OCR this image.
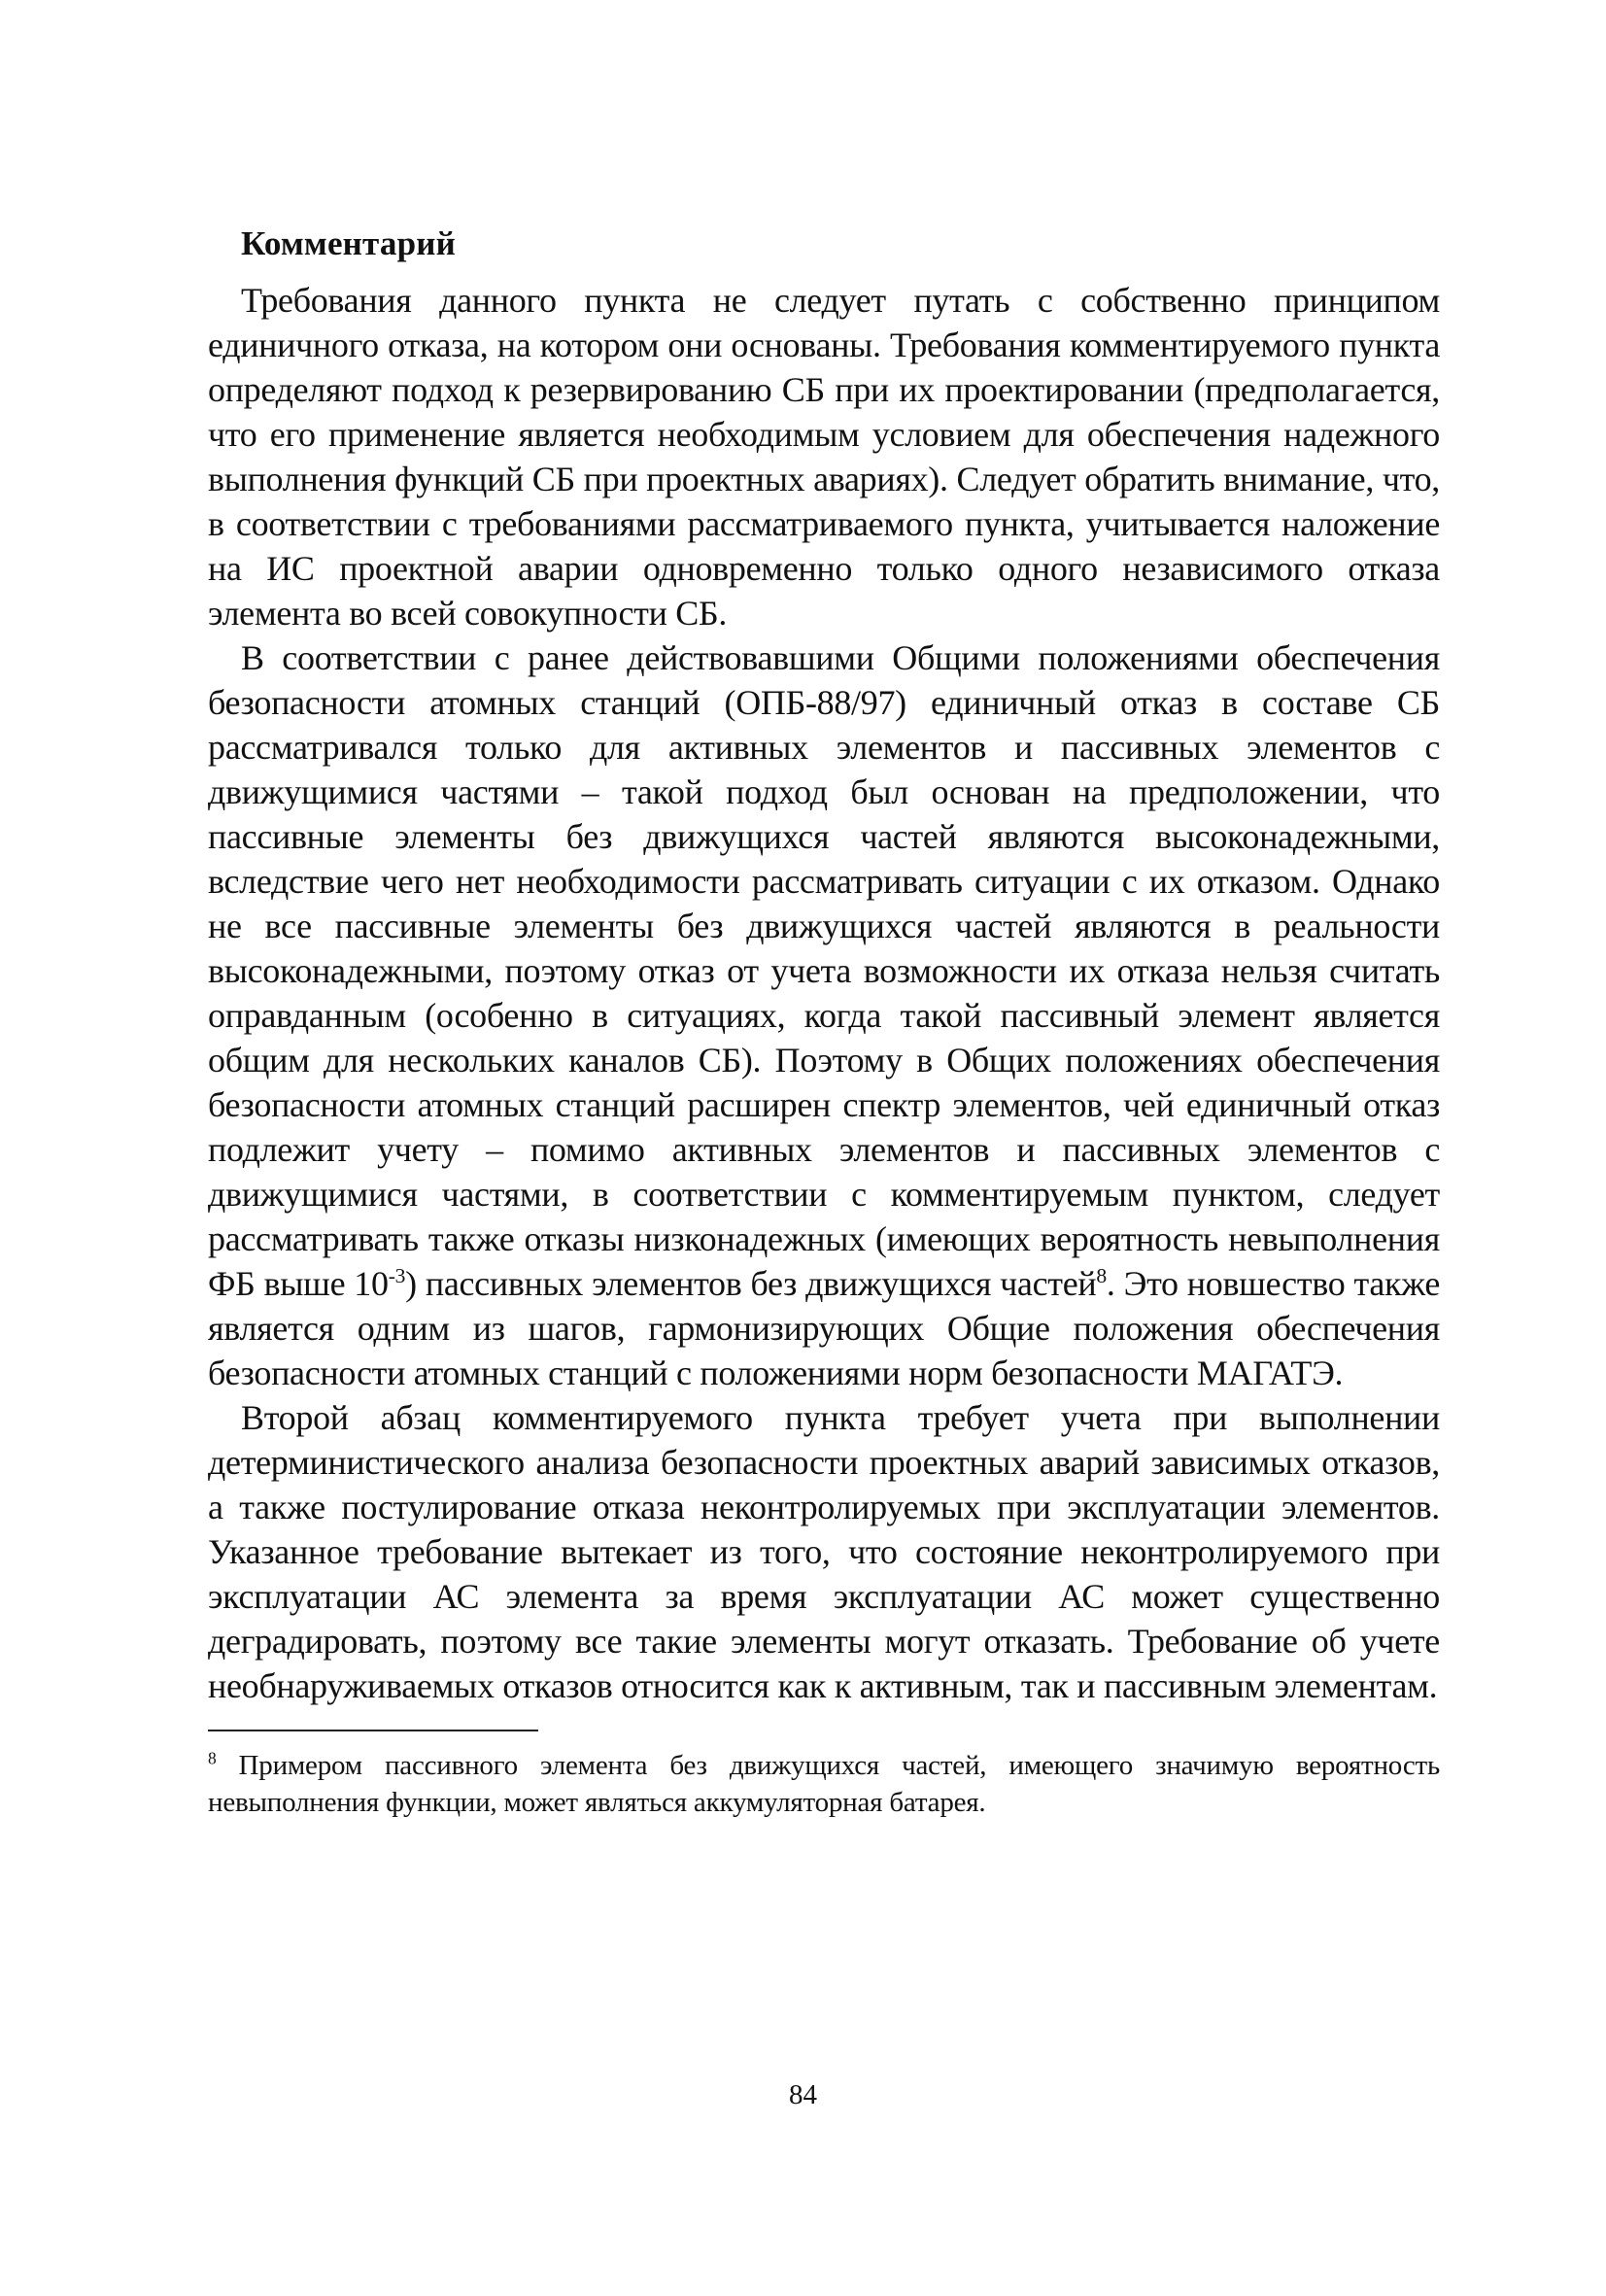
Комментарий

Требования данного пункта не следует путать с собственно принципом единичного отказа, на котором они основаны. Требования комментируемого пункта определяют подход к резервированию СБ при их проектировании (предполагается, что его применение является необходимым условием для обеспечения надежного выполнения функций СБ при проектных авариях). Следует обратить внимание, что, в соответствии с требованиями рассматриваемого пункта, учитывается наложение на ИС проектной аварии одновременно только одного независимого отказа элемента во всей совокупности СБ.

В соответствии с ранее действовавшими Общими положениями обеспечения безопасности атомных станций (ОПБ-88/97) единичный отказ в составе СБ рассматривался только для активных элементов и пассивных элементов с движущимися частями – такой подход был основан на предположении, что пассивные элементы без движущихся частей являются высоконадежными, вследствие чего нет необходимости рассматривать ситуации с их отказом. Однако не все пассивные элементы без движущихся частей являются в реальности высоконадежными, поэтому отказ от учета возможности их отказа нельзя считать оправданным (особенно в ситуациях, когда такой пассивный элемент является общим для нескольких каналов СБ). Поэтому в Общих положениях обеспечения безопасности атомных станций расширен спектр элементов, чей единичный отказ подлежит учету – помимо активных элементов и пассивных элементов с движущимися частями, в соответствии с комментируемым пунктом, следует рассматривать также отказы низконадежных (имеющих вероятность невыполнения ФБ выше $10^{-3}$) пассивных элементов без движущихся частей$^8$. Это новшество также является одним из шагов, гармонизирующих Общие положения обеспечения безопасности атомных станций с положениями норм безопасности МАГАТЭ.

Второй абзац комментируемого пункта требует учета при выполнении детерминистического анализа безопасности проектных аварий зависимых отказов, а также постулирование отказа неконтролируемых при эксплуатации элементов. Указанное требование вытекает из того, что состояние неконтролируемого при эксплуатации АС элемента за время эксплуатации АС может существенно деградировать, поэтому все такие элементы могут отказать. Требование об учете необнаруживаемых отказов относится как к активным, так и пассивным элементам.

$^8$ Примером пассивного элемента без движущихся частей, имеющего значимую вероятность невыполнения функции, может являться аккумуляторная батарея.

84
